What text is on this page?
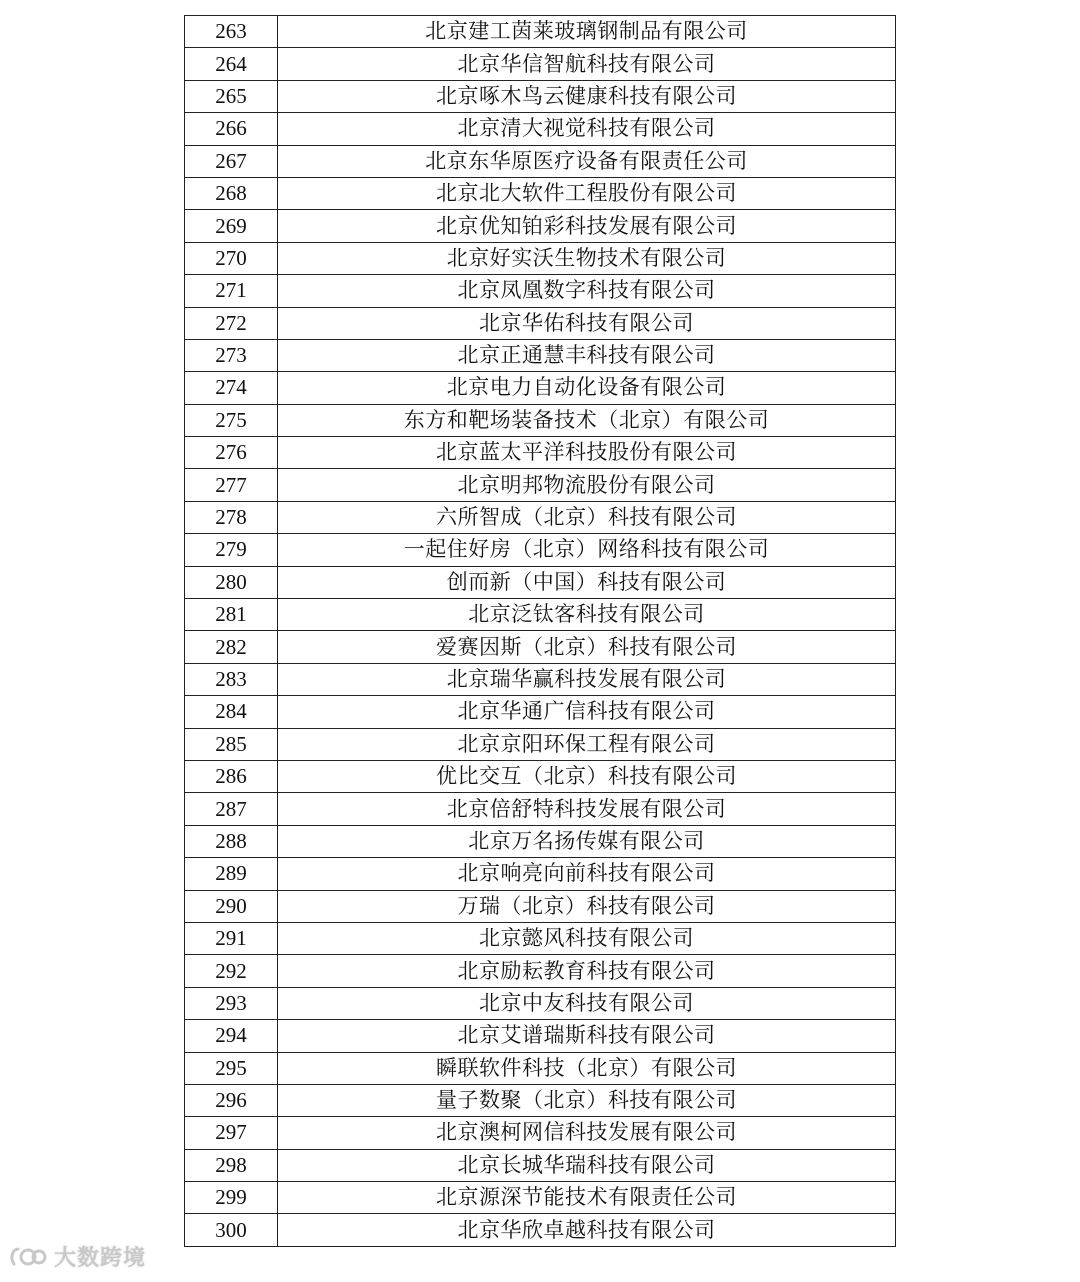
263	北京建工茵莱玻璃钢制品有限公司
264	北京华信智航科技有限公司
265	北京啄木鸟云健康科技有限公司
266	北京清大视觉科技有限公司
267	北京东华原医疗设备有限责任公司
268	北京北大软件工程股份有限公司
269	北京优知铂彩科技发展有限公司
270	北京好实沃生物技术有限公司
271	北京凤凰数字科技有限公司
272	北京华佑科技有限公司
273	北京正通慧丰科技有限公司
274	北京电力自动化设备有限公司
275	东方和靶场装备技术（北京）有限公司
276	北京蓝太平洋科技股份有限公司
277	北京明邦物流股份有限公司
278	六所智成（北京）科技有限公司
279	一起住好房（北京）网络科技有限公司
280	创而新（中国）科技有限公司
281	北京泛钛客科技有限公司
282	爱赛因斯（北京）科技有限公司
283	北京瑞华赢科技发展有限公司
284	北京华通广信科技有限公司
285	北京京阳环保工程有限公司
286	优比交互（北京）科技有限公司
287	北京倍舒特科技发展有限公司
288	北京万名扬传媒有限公司
289	北京响亮向前科技有限公司
290	万瑞（北京）科技有限公司
291	北京懿风科技有限公司
292	北京励耘教育科技有限公司
293	北京中友科技有限公司
294	北京艾谱瑞斯科技有限公司
295	瞬联软件科技（北京）有限公司
296	量子数聚（北京）科技有限公司
297	北京澳柯网信科技发展有限公司
298	北京长城华瑞科技有限公司
299	北京源深节能技术有限责任公司
300	北京华欣卓越科技有限公司
大数跨境
